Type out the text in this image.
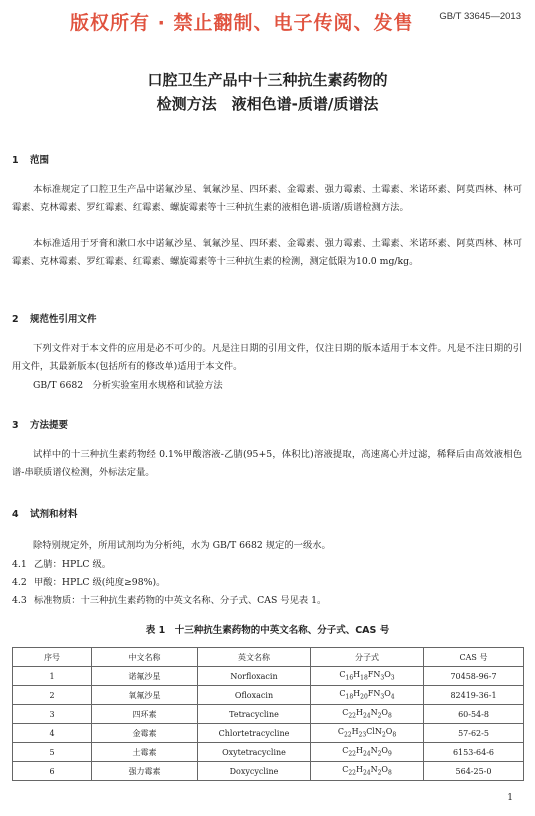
版权所有 · 禁止翻制、电子传阅、发售	GB/T 33645—2013
口腔卫生产品中十三种抗生素药物的
检测方法　液相色谱-质谱/质谱法
1 范围
本标准规定了口腔卫生产品中诺氟沙星、氧氟沙星、四环素、金霉素、强力霉素、土霉素、米诺环素、阿莫西林、林可霉素、克林霉素、罗红霉素、红霉素、螺旋霉素等十三种抗生素的液相色谱-质谱/质谱检测方法。
本标准适用于牙膏和漱口水中诺氟沙星、氧氟沙星、四环素、金霉素、强力霉素、土霉素、米诺环素、阿莫西林、林可霉素、克林霉素、罗红霉素、红霉素、螺旋霉素等十三种抗生素的检测，测定低限为10.0 mg/kg。
2 规范性引用文件
下列文件对于本文件的应用是必不可少的。凡是注日期的引用文件，仅注日期的版本适用于本文件。凡是不注日期的引用文件，其最新版本(包括所有的修改单)适用于本文件。
GB/T 6682　分析实验室用水规格和试验方法
3 方法提要
试样中的十三种抗生素药物经 0.1%甲酸溶液-乙腈(95+5，体积比)溶液提取，高速离心并过滤，稀释后由高效液相色谱-串联质谱仪检测，外标法定量。
4 试剂和材料
除特别规定外，所用试剂均为分析纯，水为 GB/T 6682 规定的一级水。
4.1 乙腈：HPLC 级。
4.2 甲酸：HPLC 级(纯度≥98%)。
4.3 标准物质：十三种抗生素药物的中英文名称、分子式、CAS 号见表 1。
表 1　十三种抗生素药物的中英文名称、分子式、CAS 号
序号	中文名称	英文名称	分子式	CAS 号
1	诺氟沙星	Norfloxacin	$C_{16}H_{18}FN_3O_3$	70458-96-7
2	氧氟沙星	Ofloxacin	$C_{18}H_{20}FN_3O_4$	82419-36-1
3	四环素	Tetracycline	$C_{22}H_{24}N_2O_8$	60-54-8
4	金霉素	Chlortetracycline	$C_{22}H_{23}ClN_2O_8$	57-62-5
5	土霉素	Oxytetracycline	$C_{22}H_{24}N_2O_9$	6153-64-6
6	强力霉素	Doxycycline	$C_{22}H_{24}N_2O_8$	564-25-0
1
